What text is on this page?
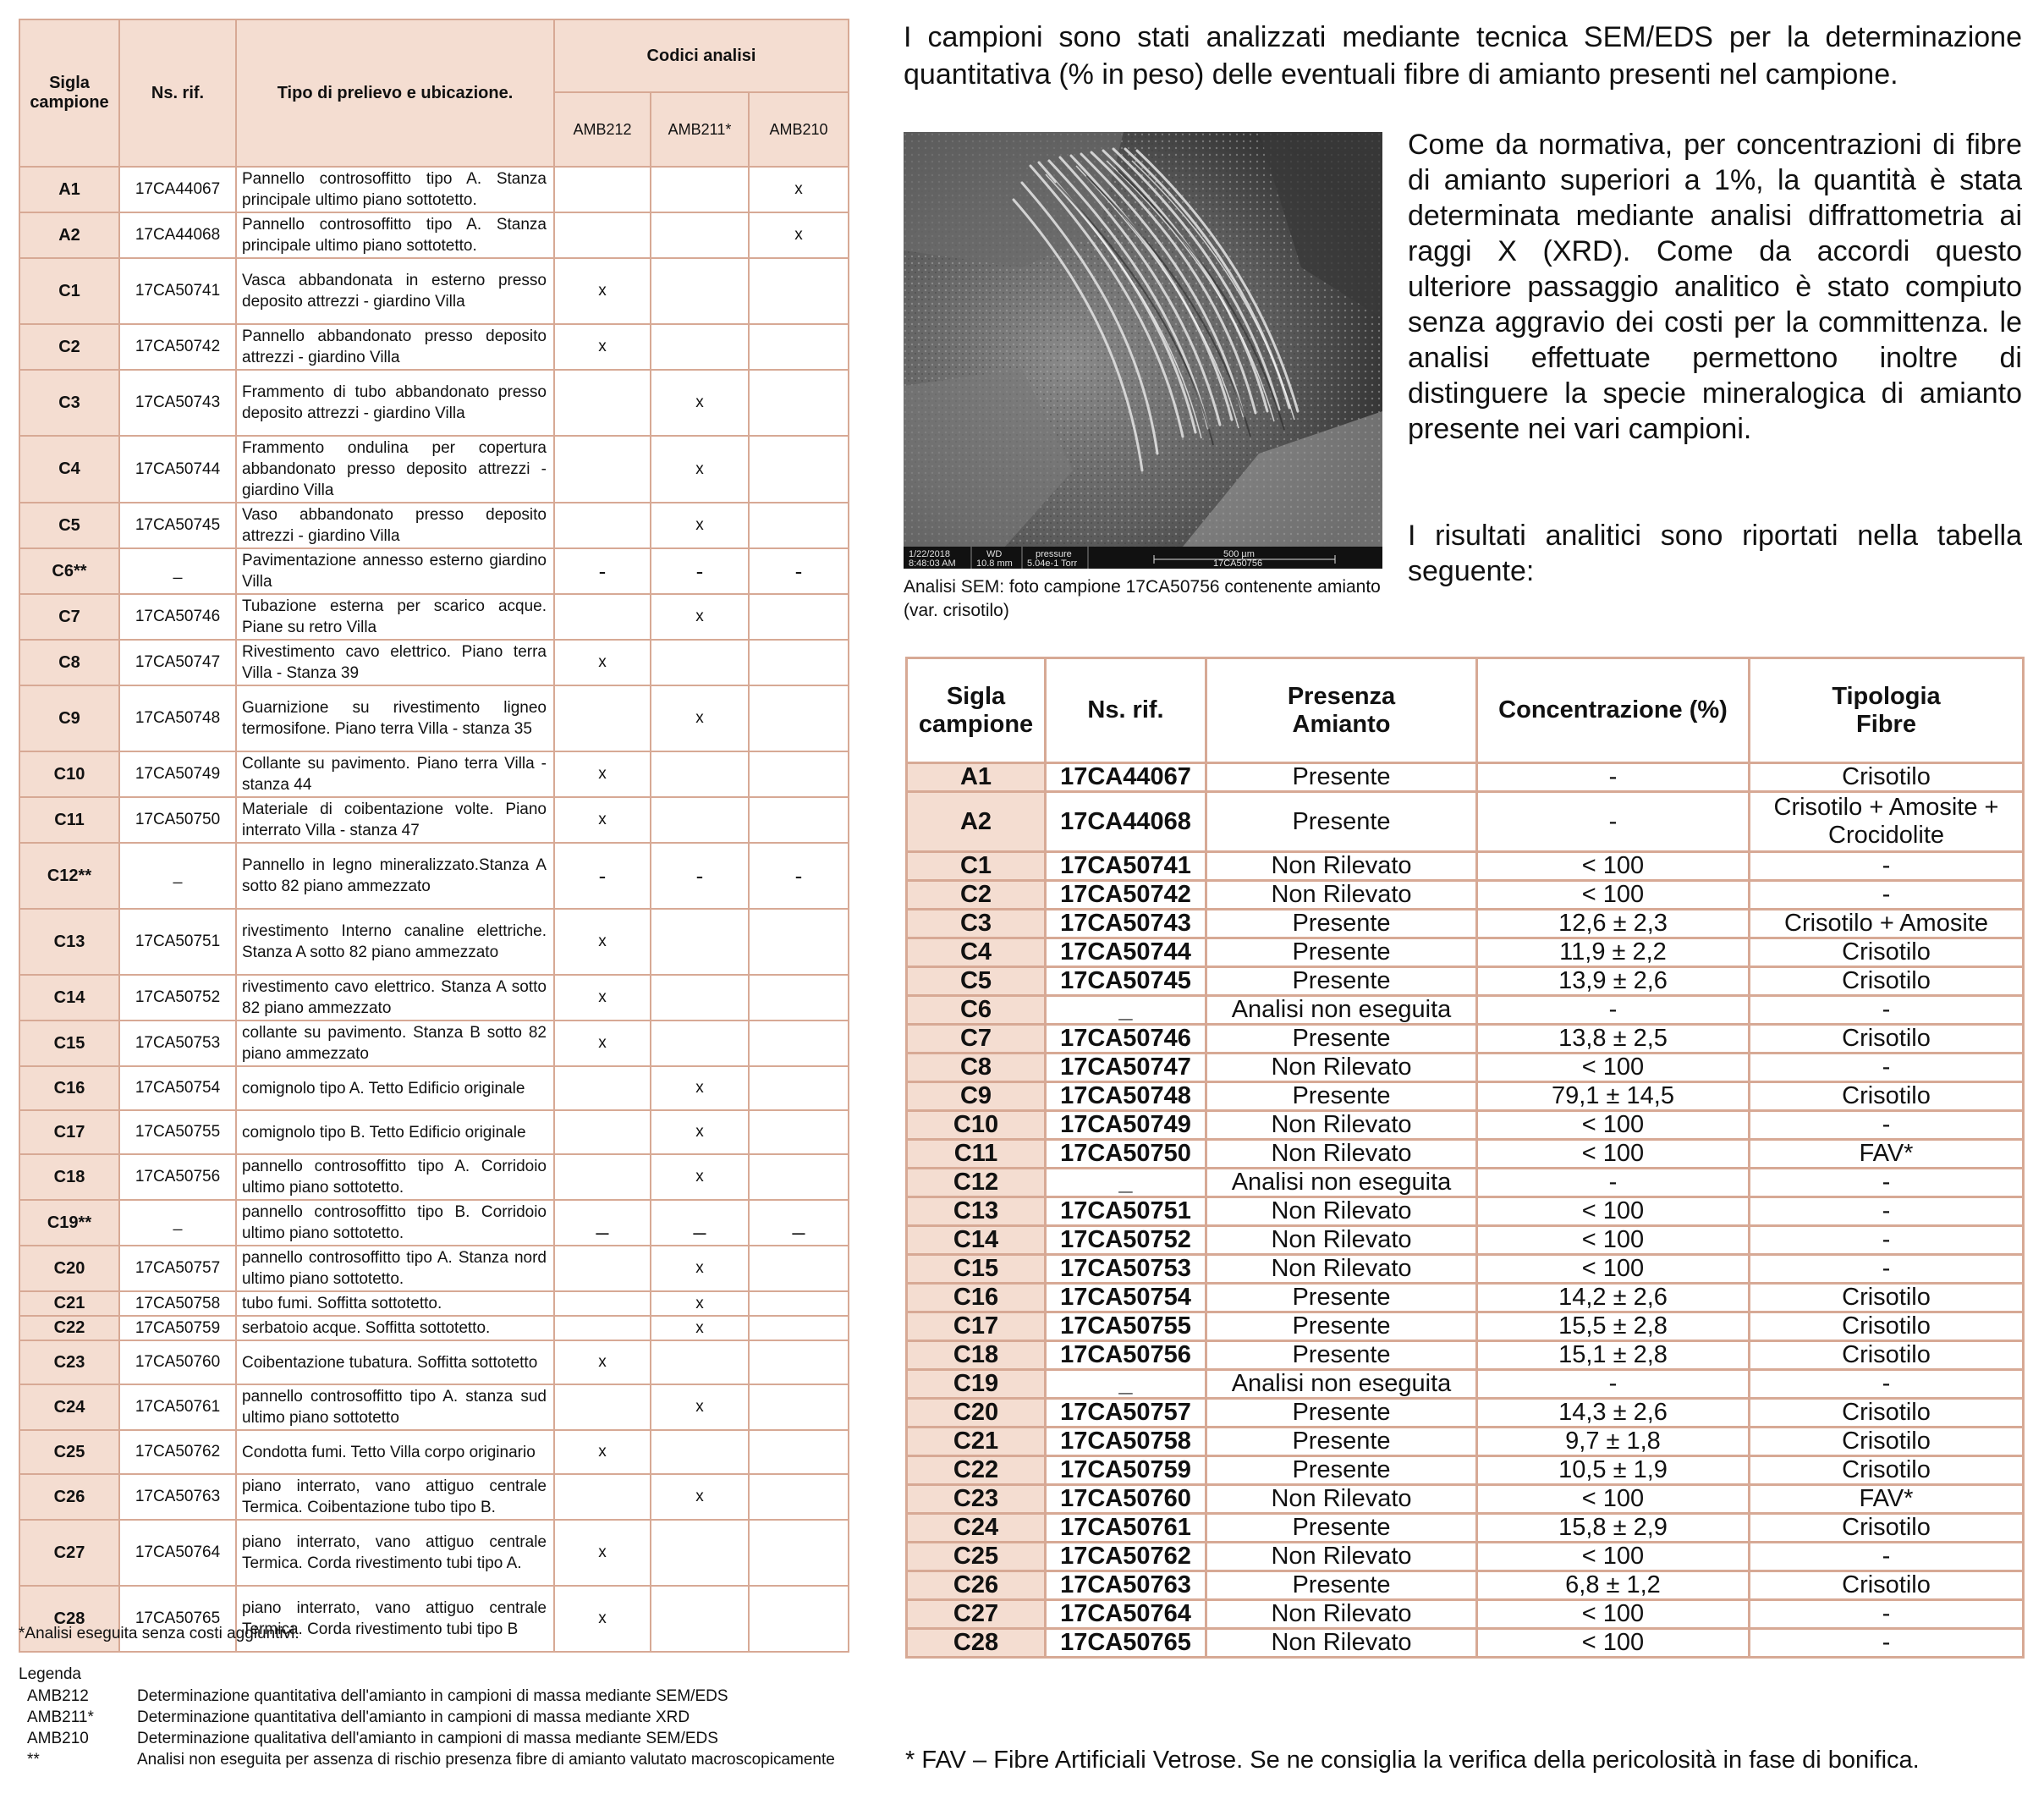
Sigla campione	Ns. rif.	Tipo di prelievo e ubicazione.	Codici analisi		
			AMB212	AMB211*	AMB210
A1	17CA44067	Pannello controsoffitto tipo A. Stanza principale ultimo piano sottotetto.			x
A2	17CA44068	Pannello controsoffitto tipo A. Stanza principale ultimo piano sottotetto.			x
C1	17CA50741	Vasca abbandonata in esterno presso deposito attrezzi - giardino Villa	x		
C2	17CA50742	Pannello abbandonato presso deposito attrezzi - giardino Villa	x		
C3	17CA50743	Frammento di tubo abbandonato presso deposito attrezzi - giardino Villa		x	
C4	17CA50744	Frammento ondulina per copertura abbandonato presso deposito attrezzi - giardino Villa		x	
C5	17CA50745	Vaso abbandonato presso deposito attrezzi - giardino Villa		x	
C6**	_	Pavimentazione annesso esterno giardino Villa	-	-	-
C7	17CA50746	Tubazione esterna per scarico acque. Piane su retro Villa		x	
C8	17CA50747	Rivestimento cavo elettrico. Piano terra Villa - Stanza 39	x		
C9	17CA50748	Guarnizione su rivestimento ligneo termosifone. Piano terra Villa - stanza 35		x	
C10	17CA50749	Collante su pavimento. Piano terra Villa - stanza 44	x		
C11	17CA50750	Materiale di coibentazione volte. Piano interrato Villa - stanza 47	x		
C12**	_	Pannello in legno mineralizzato.Stanza A sotto 82 piano ammezzato	-	-	-
C13	17CA50751	rivestimento Interno canaline elettriche. Stanza A sotto 82 piano ammezzato	x		
C14	17CA50752	rivestimento cavo elettrico. Stanza A sotto 82 piano ammezzato	x		
C15	17CA50753	collante su pavimento. Stanza B sotto 82 piano ammezzato	x		
C16	17CA50754	comignolo tipo A. Tetto Edificio originale		x	
C17	17CA50755	comignolo tipo B. Tetto Edificio originale		x	
C18	17CA50756	pannello controsoffitto tipo A. Corridoio ultimo piano sottotetto.		x	
C19**	_	pannello controsoffitto tipo B. Corridoio ultimo piano sottotetto.	_	_	_
C20	17CA50757	pannello controsoffitto tipo A. Stanza nord ultimo piano sottotetto.		x	
C21	17CA50758	tubo fumi. Soffitta sottotetto.		x	
C22	17CA50759	serbatoio acque. Soffitta sottotetto.		x	
C23	17CA50760	Coibentazione tubatura. Soffitta sottotetto	x		
C24	17CA50761	pannello controsoffitto tipo A. stanza sud ultimo piano sottotetto		x	
C25	17CA50762	Condotta fumi. Tetto Villa corpo originario	x		
C26	17CA50763	piano interrato, vano attiguo centrale Termica. Coibentazione tubo tipo B.		x	
C27	17CA50764	piano interrato, vano attiguo centrale Termica. Corda rivestimento tubi tipo A.	x		
C28	17CA50765	piano interrato, vano attiguo centrale Termica. Corda rivestimento tubi tipo B	x		
*Analisi eseguita senza costi aggiuntivi.
Legenda
AMB212	Determinazione quantitativa dell'amianto in campioni di massa mediante SEM/EDS
AMB211*	Determinazione quantitativa dell'amianto in campioni di massa mediante XRD
AMB210	Determinazione qualitativa dell'amianto in campioni di massa mediante SEM/EDS
**	Analisi non eseguita per assenza di rischio presenza fibre di amianto valutato macroscopicamente
I campioni sono stati analizzati mediante tecnica SEM/EDS per la determinazione quantitativa (% in peso) delle eventuali fibre di amianto presenti nel campione.
1/22/2018
8:48:03 AM
WD
10.8 mm
pressure
5.04e-1 Torr
500 µm
17CA50756
Analisi SEM: foto campione 17CA50756 contenente amianto (var. crisotilo)
Come da normativa, per concentrazioni di fibre di amianto superiori a 1%, la quantità è stata determinata mediante analisi diffrattometria ai raggi X (XRD). Come da accordi questo ulteriore passaggio analitico è stato compiuto senza aggravio dei costi per la committenza. le analisi effettuate permettono inoltre di distinguere la specie mineralogica di amianto presente nei vari campioni.
I risultati analitici sono riportati nella tabella seguente:
Sigla campione	Ns. rif.	Presenza Amianto	Concentrazione (%)	Tipologia Fibre
A1	17CA44067	Presente	-	Crisotilo
A2	17CA44068	Presente	-	Crisotilo + Amosite + Crocidolite
C1	17CA50741	Non Rilevato	< 100	-
C2	17CA50742	Non Rilevato	< 100	-
C3	17CA50743	Presente	12,6 ± 2,3	Crisotilo + Amosite
C4	17CA50744	Presente	11,9 ± 2,2	Crisotilo
C5	17CA50745	Presente	13,9 ± 2,6	Crisotilo
C6	_	Analisi non eseguita	-	-
C7	17CA50746	Presente	13,8 ± 2,5	Crisotilo
C8	17CA50747	Non Rilevato	< 100	-
C9	17CA50748	Presente	79,1 ± 14,5	Crisotilo
C10	17CA50749	Non Rilevato	< 100	-
C11	17CA50750	Non Rilevato	< 100	FAV*
C12	_	Analisi non eseguita	-	-
C13	17CA50751	Non Rilevato	< 100	-
C14	17CA50752	Non Rilevato	< 100	-
C15	17CA50753	Non Rilevato	< 100	-
C16	17CA50754	Presente	14,2 ± 2,6	Crisotilo
C17	17CA50755	Presente	15,5 ± 2,8	Crisotilo
C18	17CA50756	Presente	15,1 ± 2,8	Crisotilo
C19	_	Analisi non eseguita	-	-
C20	17CA50757	Presente	14,3 ± 2,6	Crisotilo
C21	17CA50758	Presente	9,7 ± 1,8	Crisotilo
C22	17CA50759	Presente	10,5 ± 1,9	Crisotilo
C23	17CA50760	Non Rilevato	< 100	FAV*
C24	17CA50761	Presente	15,8 ± 2,9	Crisotilo
C25	17CA50762	Non Rilevato	< 100	-
C26	17CA50763	Presente	6,8 ± 1,2	Crisotilo
C27	17CA50764	Non Rilevato	< 100	-
C28	17CA50765	Non Rilevato	< 100	-
* FAV – Fibre Artificiali Vetrose. Se ne consiglia la verifica della pericolosità in fase di bonifica.
